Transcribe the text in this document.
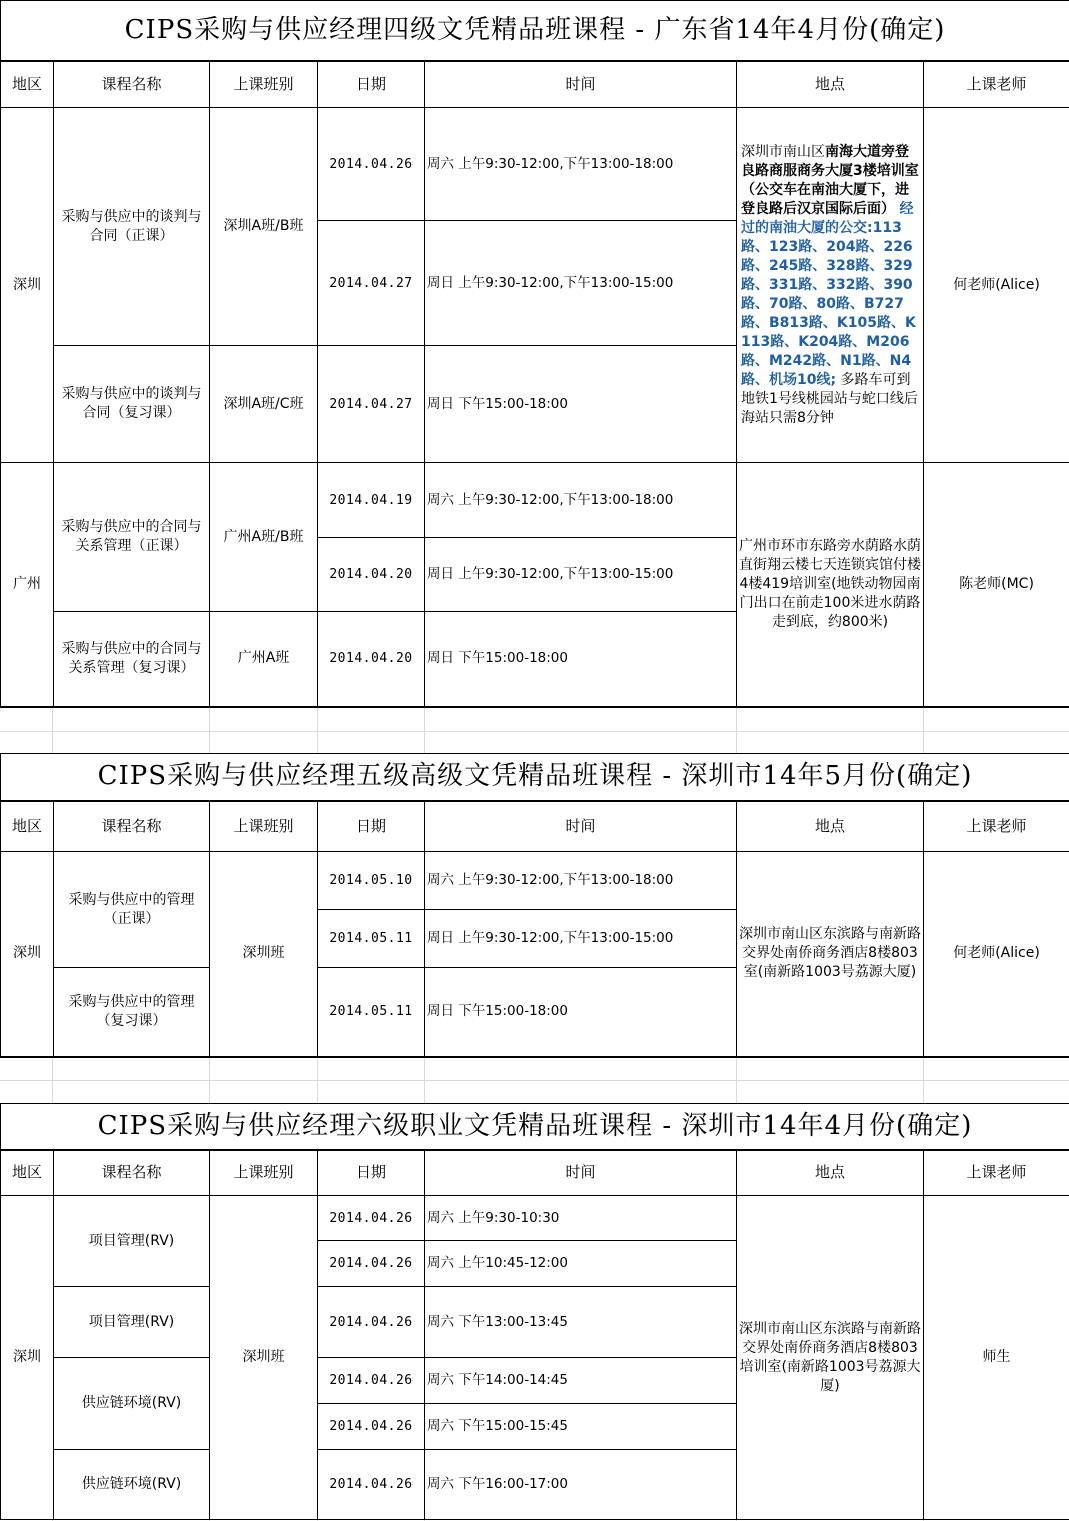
CIPS采购与供应经理四级文凭精品班课程 - 广东省14年4月份(确定)						
地区	课程名称	上课班别	日期	时间	地点	上课老师
深圳	采购与供应中的谈判与合同（正课）	深圳A班/B班	2014.04.26	周六 上午9:30-12:00,下午13:00-18:00	深圳市南山区南海大道旁登良路商服商务大厦3楼培训室（公交车在南油大厦下，进登良路后汉京国际后面） 经过的南油大厦的公交:113路、123路、204路、226路、245路、328路、329路、331路、332路、390路、70路、80路、B727路、B813路、K105路、K113路、K204路、M206路、M242路、N1路、N4路、机场10线; 多路车可到地铁1号线桃园站与蛇口线后海站只需8分钟	何老师(Alice)
			2014.04.27	周日 上午9:30-12:00,下午13:00-15:00		
	采购与供应中的谈判与合同（复习课）	深圳A班/C班	2014.04.27	周日 下午15:00-18:00		
广州	采购与供应中的合同与关系管理（正课）	广州A班/B班	2014.04.19	周六 上午9:30-12:00,下午13:00-18:00	广州市环市东路旁水荫路水荫直街翔云楼七天连锁宾馆付楼4楼419培训室(地铁动物园南门出口在前走100米进水荫路走到底，约800米)	陈老师(MC)
			2014.04.20	周日 上午9:30-12:00,下午13:00-15:00		
	采购与供应中的合同与关系管理（复习课）	广州A班	2014.04.20	周日 下午15:00-18:00		
CIPS采购与供应经理五级高级文凭精品班课程 - 深圳市14年5月份(确定)						
地区	课程名称	上课班别	日期	时间	地点	上课老师
深圳	采购与供应中的管理（正课）	深圳班	2014.05.10	周六 上午9:30-12:00,下午13:00-18:00	深圳市南山区东滨路与南新路交界处南侨商务酒店8楼803室(南新路1003号荔源大厦)	何老师(Alice)
			2014.05.11	周日 上午9:30-12:00,下午13:00-15:00		
	采购与供应中的管理（复习课）		2014.05.11	周日 下午15:00-18:00		
CIPS采购与供应经理六级职业文凭精品班课程 - 深圳市14年4月份(确定)						
地区	课程名称	上课班别	日期	时间	地点	上课老师
深圳	项目管理(RV)	深圳班	2014.04.26	周六 上午9:30-10:30	深圳市南山区东滨路与南新路交界处南侨商务酒店8楼803培训室(南新路1003号荔源大厦)	师生
			2014.04.26	周六 上午10:45-12:00		
	项目管理(RV)		2014.04.26	周六 下午13:00-13:45		
	供应链环境(RV)		2014.04.26	周六 下午14:00-14:45		
			2014.04.26	周六 下午15:00-15:45		
	供应链环境(RV)		2014.04.26	周六 下午16:00-17:00		
